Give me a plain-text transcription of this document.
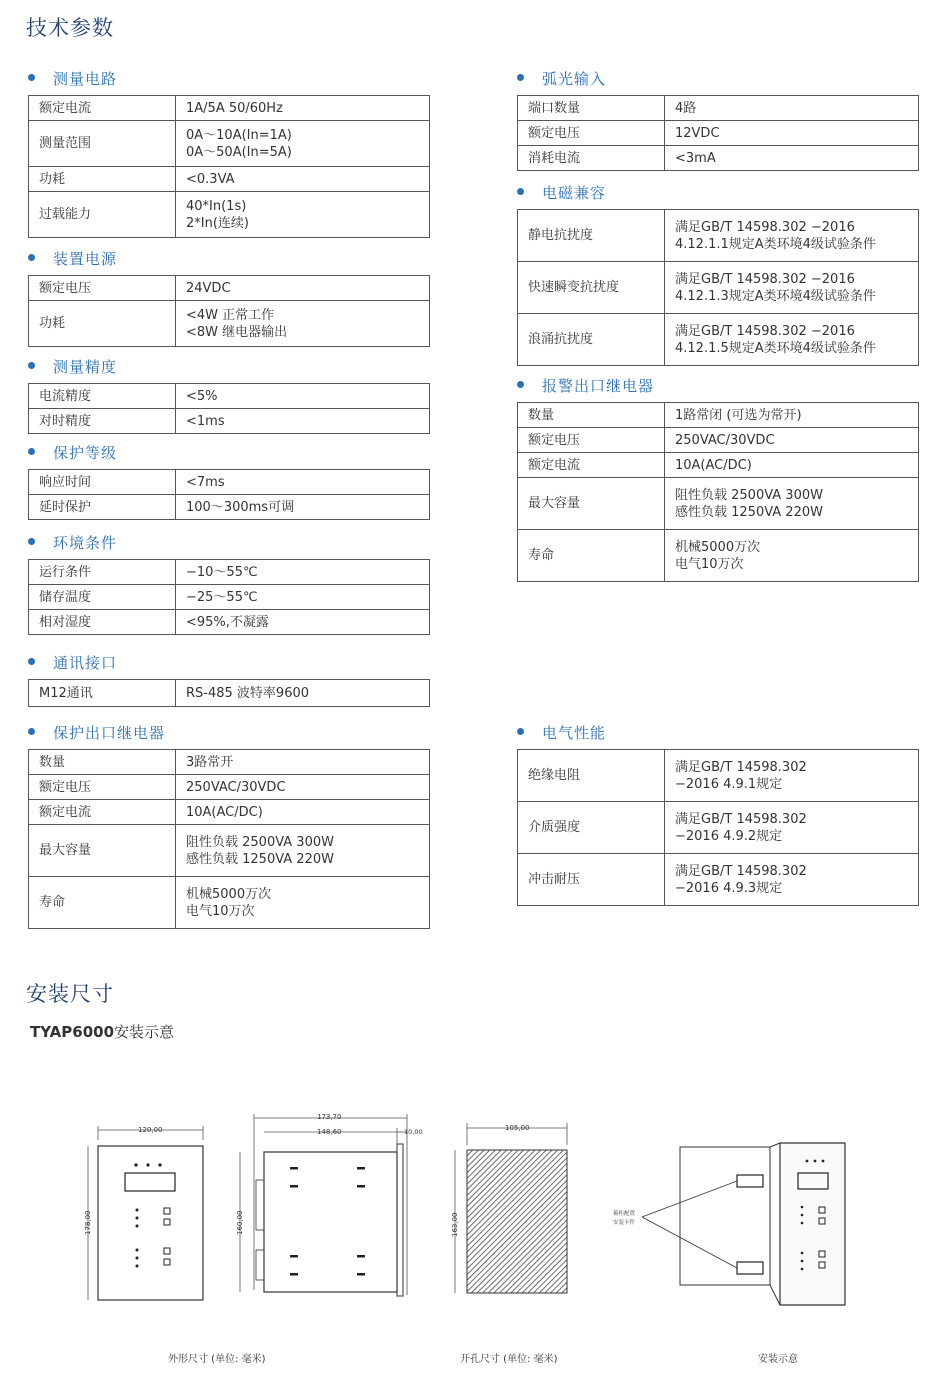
技术参数
测量电路
额定电流	1A/5A 50/60Hz
测量范围	0A～10A(In=1A)
0A～50A(In=5A)
功耗	<0.3VA
过载能力	40*In(1s)
2*In(连续)
装置电源
额定电压	24VDC
功耗	<4W 正常工作
<8W 继电器输出
测量精度
电流精度	<5%
对时精度	<1ms
保护等级
响应时间	<7ms
延时保护	100～300ms可调
环境条件
运行条件	−10～55℃
储存温度	−25～55℃
相对湿度	<95%,不凝露
通讯接口
M12通讯	RS-485 波特率9600
保护出口继电器
数量	3路常开
额定电压	250VAC/30VDC
额定电流	10A(AC/DC)
最大容量	阻性负载 2500VA 300W
感性负载 1250VA 220W
寿命	机械5000万次
电气10万次
弧光输入
端口数量	4路
额定电压	12VDC
消耗电流	<3mA
电磁兼容
静电抗扰度	满足GB/T 14598.302 −2016
4.12.1.1规定A类环境4级试验条件
快速瞬变抗扰度	满足GB/T 14598.302 −2016
4.12.1.3规定A类环境4级试验条件
浪涌抗扰度	满足GB/T 14598.302 −2016
4.12.1.5规定A类环境4级试验条件
报警出口继电器
数量	1路常闭 (可选为常开)
额定电压	250VAC/30VDC
额定电流	10A(AC/DC)
最大容量	阻性负载 2500VA 300W
感性负载 1250VA 220W
寿命	机械5000万次
电气10万次
电气性能
绝缘电阻	满足GB/T 14598.302
−2016 4.9.1规定
介质强度	满足GB/T 14598.302
−2016 4.9.2规定
冲击耐压	满足GB/T 14598.302
−2016 4.9.3规定
安装尺寸
TYAP6000安装示意
120,00
178,00
173,70
148,60	10,00
160,00
105,00
163,00	箱柜配置
安装卡件
外形尺寸 (单位: 毫米)	开孔尺寸 (单位: 毫米)	安装示意
